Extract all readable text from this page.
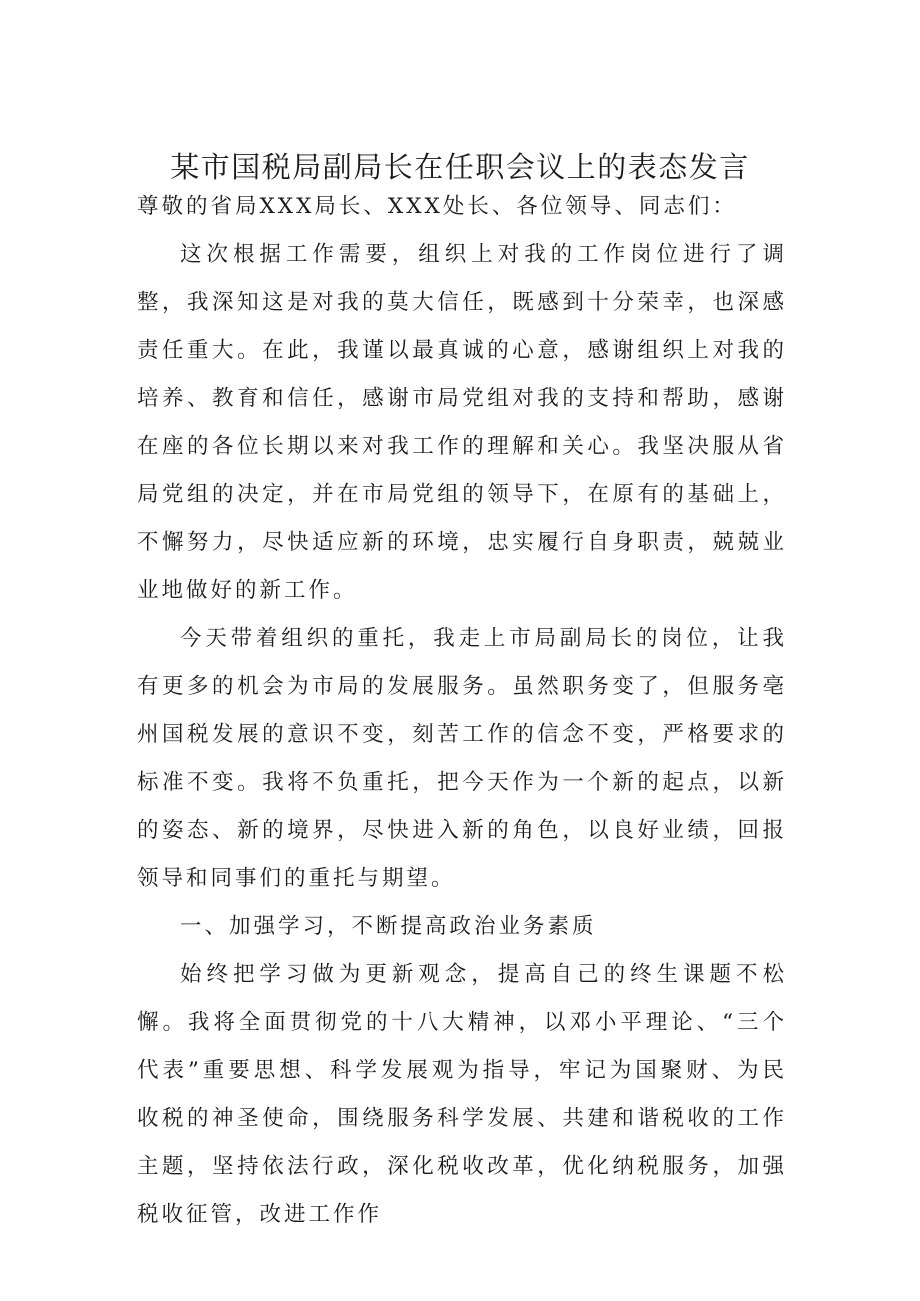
某市国税局副局长在任职会议上的表态发言

尊敬的省局XXX局长、XXX处长、各位领导、同志们：

这次根据工作需要，组织上对我的工作岗位进行了调整，我深知这是对我的莫大信任，既感到十分荣幸，也深感责任重大。在此，我谨以最真诚的心意，感谢组织上对我的培养、教育和信任，感谢市局党组对我的支持和帮助，感谢在座的各位长期以来对我工作的理解和关心。我坚决服从省局党组的决定，并在市局党组的领导下，在原有的基础上，不懈努力，尽快适应新的环境，忠实履行自身职责，兢兢业业地做好的新工作。

今天带着组织的重托，我走上市局副局长的岗位，让我有更多的机会为市局的发展服务。虽然职务变了，但服务亳州国税发展的意识不变，刻苦工作的信念不变，严格要求的标准不变。我将不负重托，把今天作为一个新的起点，以新的姿态、新的境界，尽快进入新的角色，以良好业绩，回报领导和同事们的重托与期望。

一、加强学习，不断提高政治业务素质

始终把学习做为更新观念，提高自己的终生课题不松懈。我将全面贯彻党的十八大精神，以邓小平理论、“三个代表”重要思想、科学发展观为指导，牢记为国聚财、为民收税的神圣使命，围绕服务科学发展、共建和谐税收的工作主题，坚持依法行政，深化税收改革，优化纳税服务，加强税收征管，改进工作作
